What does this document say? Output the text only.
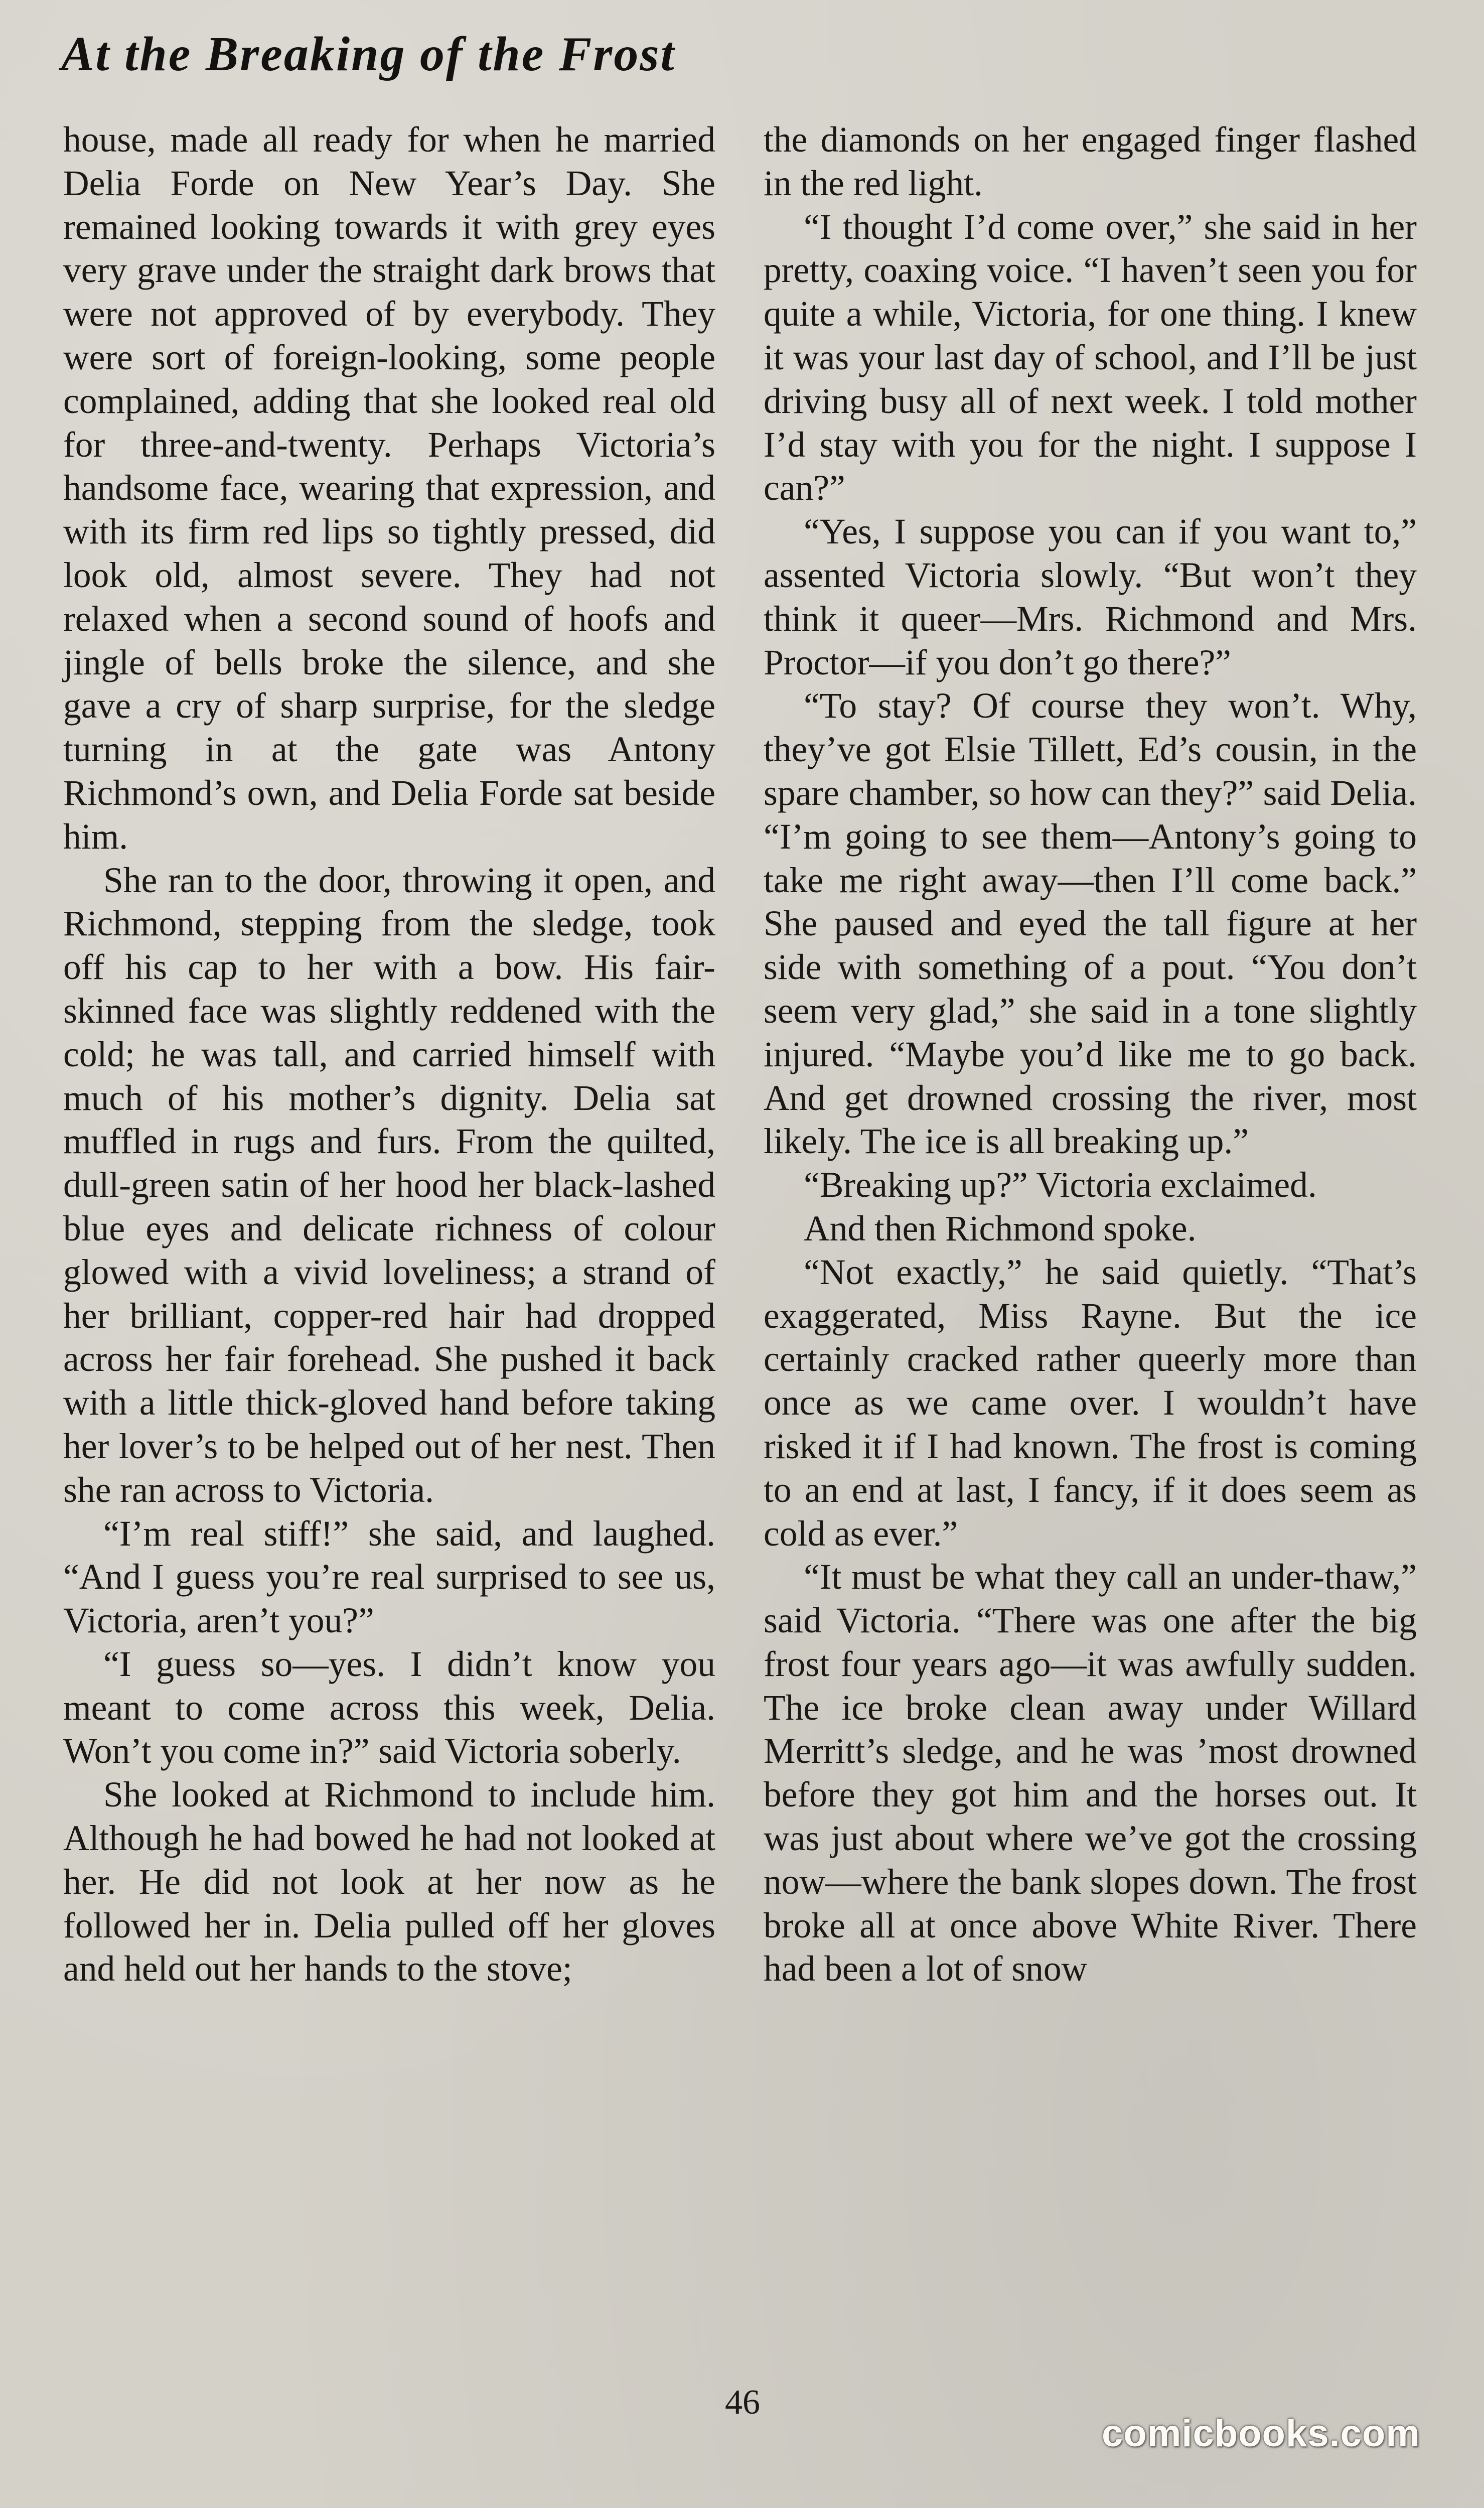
At the Breaking of the Frost

house, made all ready for when he married Delia Forde on New Year’s Day. She remained looking towards it with grey eyes very grave under the straight dark brows that were not approved of by everybody. They were sort of foreign-looking, some people complained, adding that she looked real old for three-and-twenty. Perhaps Victoria’s handsome face, wearing that expression, and with its firm red lips so tightly pressed, did look old, almost severe. They had not relaxed when a second sound of hoofs and jingle of bells broke the silence, and she gave a cry of sharp surprise, for the sledge turning in at the gate was Antony Richmond’s own, and Delia Forde sat beside him.

She ran to the door, throwing it open, and Richmond, stepping from the sledge, took off his cap to her with a bow. His fair-skinned face was slightly reddened with the cold; he was tall, and carried himself with much of his mother’s dignity. Delia sat muffled in rugs and furs. From the quilted, dull-green satin of her hood her black-lashed blue eyes and delicate richness of colour glowed with a vivid loveliness; a strand of her brilliant, copper-red hair had dropped across her fair forehead. She pushed it back with a little thick-gloved hand before taking her lover’s to be helped out of her nest. Then she ran across to Victoria.

“I’m real stiff!” she said, and laughed. “And I guess you’re real surprised to see us, Victoria, aren’t you?”

“I guess so—yes. I didn’t know you meant to come across this week, Delia. Won’t you come in?” said Victoria soberly.

She looked at Richmond to include him. Although he had bowed he had not looked at her. He did not look at her now as he followed her in. Delia pulled off her gloves and held out her hands to the stove;

the diamonds on her engaged finger flashed in the red light.

“I thought I’d come over,” she said in her pretty, coaxing voice. “I haven’t seen you for quite a while, Victoria, for one thing. I knew it was your last day of school, and I’ll be just driving busy all of next week. I told mother I’d stay with you for the night. I suppose I can?”

“Yes, I suppose you can if you want to,” assented Victoria slowly. “But won’t they think it queer—Mrs. Richmond and Mrs. Proctor—if you don’t go there?”

“To stay? Of course they won’t. Why, they’ve got Elsie Tillett, Ed’s cousin, in the spare chamber, so how can they?” said Delia. “I’m going to see them—Antony’s going to take me right away—then I’ll come back.” She paused and eyed the tall figure at her side with something of a pout. “You don’t seem very glad,” she said in a tone slightly injured. “Maybe you’d like me to go back. And get drowned crossing the river, most likely. The ice is all breaking up.”

“Breaking up?” Victoria exclaimed.

And then Richmond spoke.

“Not exactly,” he said quietly. “That’s exaggerated, Miss Rayne. But the ice certainly cracked rather queerly more than once as we came over. I wouldn’t have risked it if I had known. The frost is coming to an end at last, I fancy, if it does seem as cold as ever.”

“It must be what they call an under-thaw,” said Victoria. “There was one after the big frost four years ago—it was awfully sudden. The ice broke clean away under Willard Merritt’s sledge, and he was ’most drowned before they got him and the horses out. It was just about where we’ve got the crossing now—where the bank slopes down. The frost broke all at once above White River. There had been a lot of snow

46
comicbooks.com
